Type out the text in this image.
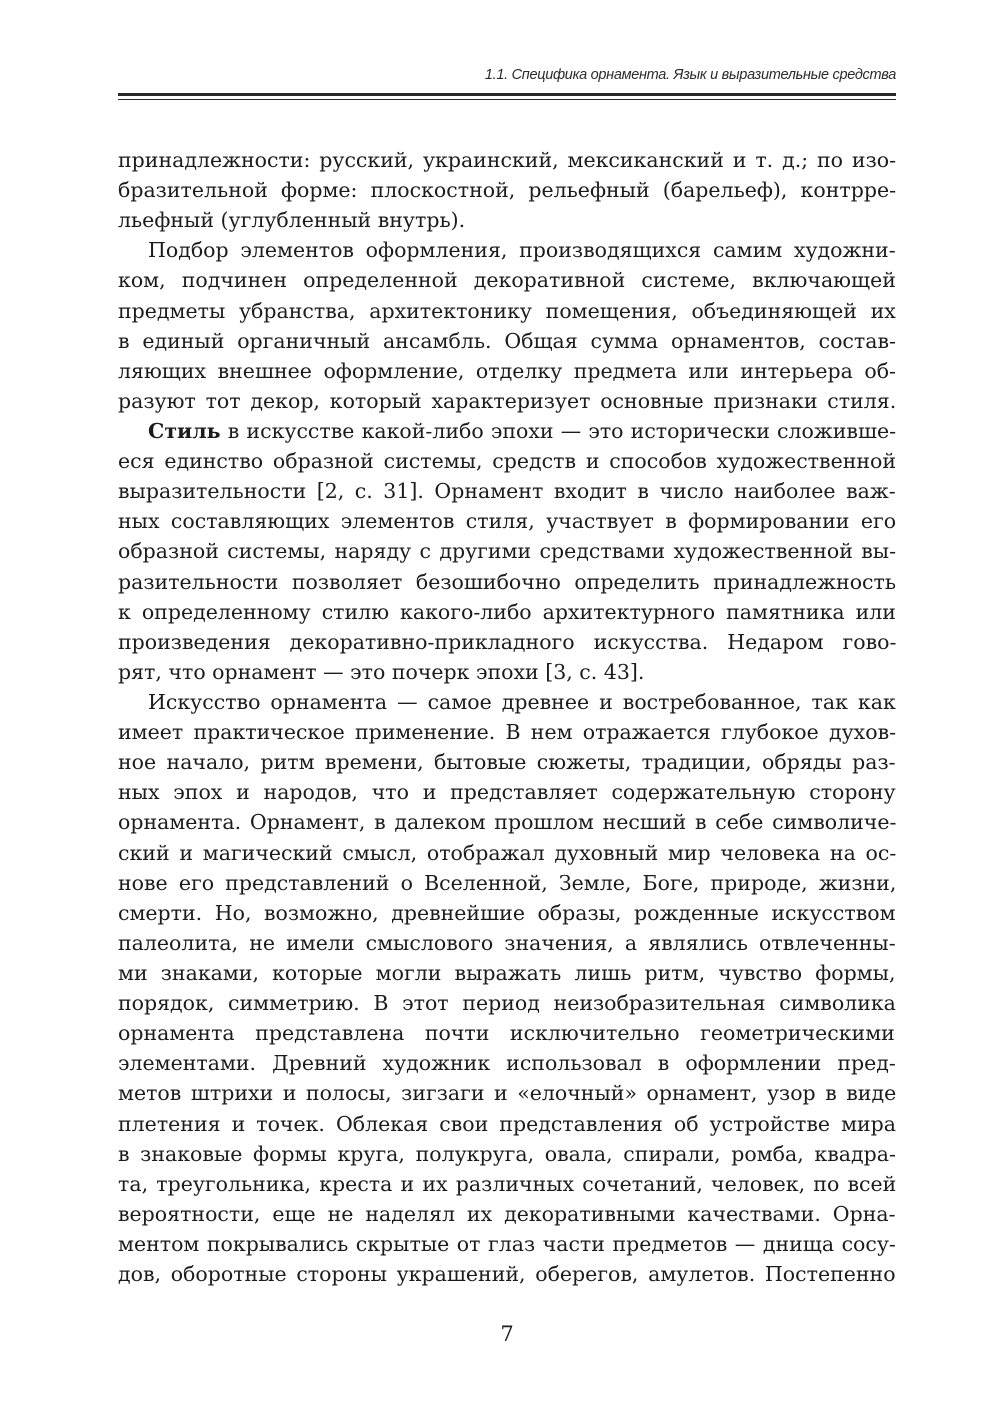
1.1. Специфика орнамента. Язык и выразительные средства
принадлежности: русский, украинский, мексиканский и т. д.; по изо-
бразительной форме: плоскостной, рельефный (барельеф), контрре-
льефный (углубленный внутрь).
Подбор элементов оформления, производящихся самим художни-
ком, подчинен определенной декоративной системе, включающей
предметы убранства, архитектонику помещения, объединяющей их
в единый органичный ансамбль. Общая сумма орнаментов, состав-
ляющих внешнее оформление, отделку предмета или интерьера об-
разуют тот декор, который характеризует основные признаки стиля.
Стиль в искусстве какой-либо эпохи — это исторически сложивше-
еся единство образной системы, средств и способов художественной
выразительности [2, с. 31]. Орнамент входит в число наиболее важ-
ных составляющих элементов стиля, участвует в формировании его
образной системы, наряду с другими средствами художественной вы-
разительности позволяет безошибочно определить принадлежность
к определенному стилю какого-либо архитектурного памятника или
произведения декоративно-прикладного искусства. Недаром гово-
рят, что орнамент — это почерк эпохи [3, с. 43].
Искусство орнамента — самое древнее и востребованное, так как
имеет практическое применение. В нем отражается глубокое духов-
ное начало, ритм времени, бытовые сюжеты, традиции, обряды раз-
ных эпох и народов, что и представляет содержательную сторону
орнамента. Орнамент, в далеком прошлом несший в себе символиче-
ский и магический смысл, отображал духовный мир человека на ос-
нове его представлений о Вселенной, Земле, Боге, природе, жизни,
смерти. Но, возможно, древнейшие образы, рожденные искусством
палеолита, не имели смыслового значения, а являлись отвлеченны-
ми знаками, которые могли выражать лишь ритм, чувство формы,
порядок, симметрию. В этот период неизобразительная символика
орнамента представлена почти исключительно геометрическими
элементами. Древний художник использовал в оформлении пред-
метов штрихи и полосы, зигзаги и «елочный» орнамент, узор в виде
плетения и точек. Облекая свои представления об устройстве мира
в знаковые формы круга, полукруга, овала, спирали, ромба, квадра-
та, треугольника, креста и их различных сочетаний, человек, по всей
вероятности, еще не наделял их декоративными качествами. Орна-
ментом покрывались скрытые от глаз части предметов — днища сосу-
дов, оборотные стороны украшений, оберегов, амулетов. Постепенно
7
